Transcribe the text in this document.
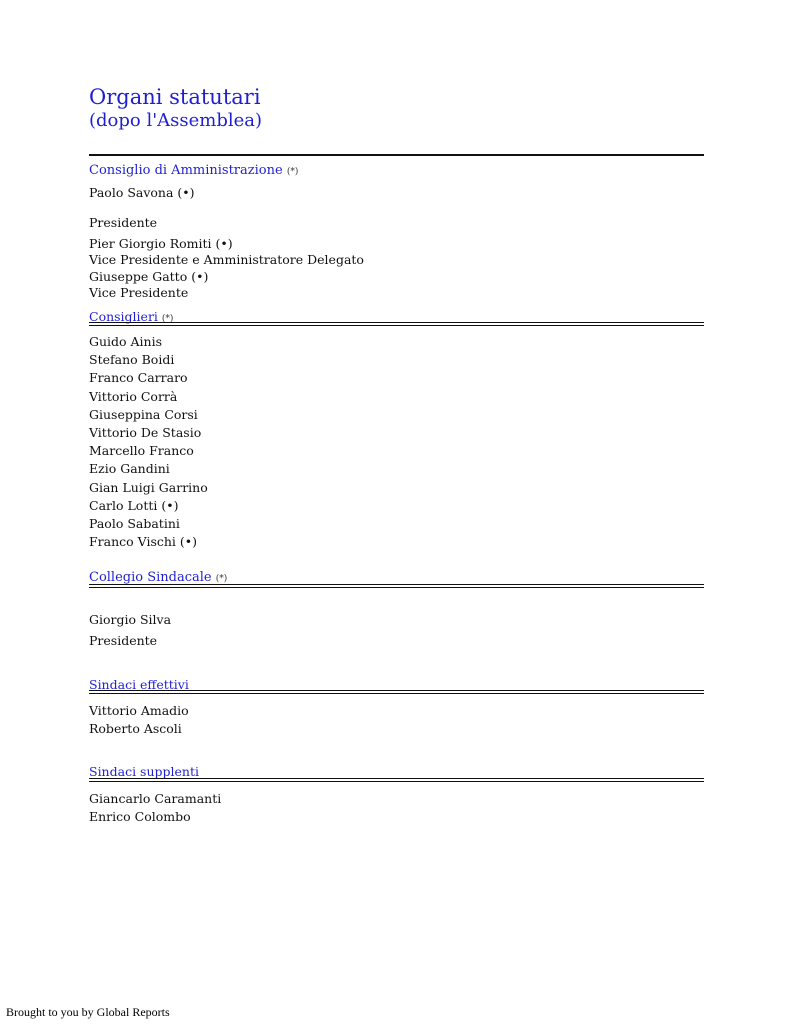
Organi statutari
(dopo l'Assemblea)
Consiglio di Amministrazione (*)
Paolo Savona (•)
Presidente
Pier Giorgio Romiti (•)
Vice Presidente e Amministratore Delegato
Giuseppe Gatto (•)
Vice Presidente
Consiglieri (*)
Guido Ainis
Stefano Boidi
Franco Carraro
Vittorio Corrà
Giuseppina Corsi
Vittorio De Stasio
Marcello Franco
Ezio Gandini
Gian Luigi Garrino
Carlo Lotti (•)
Paolo Sabatini
Franco Vischi (•)
Collegio Sindacale (*)
Giorgio Silva
Presidente
Sindaci effettivi
Vittorio Amadio
Roberto Ascoli
Sindaci supplenti
Giancarlo Caramanti
Enrico Colombo
Brought to you by Global Reports
